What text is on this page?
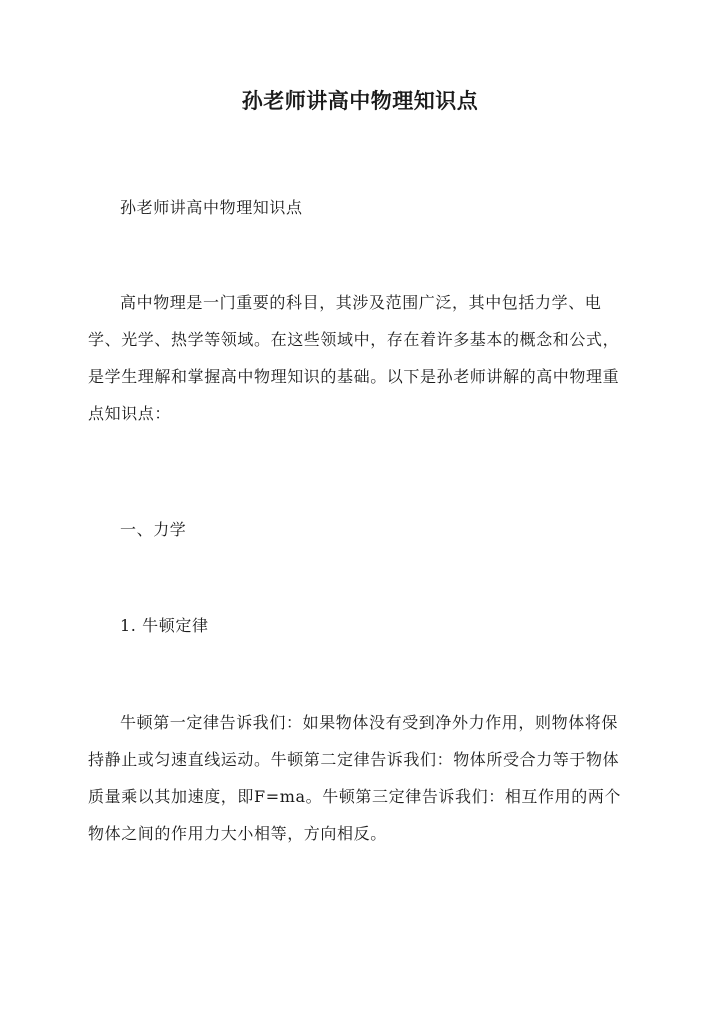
孙老师讲高中物理知识点
孙老师讲高中物理知识点

高中物理是一门重要的科目，其涉及范围广泛，其中包括力学、电学、光学、热学等领域。在这些领域中，存在着许多基本的概念和公式，是学生理解和掌握高中物理知识的基础。以下是孙老师讲解的高中物理重点知识点：

一、力学
1. 牛顿定律

牛顿第一定律告诉我们：如果物体没有受到净外力作用，则物体将保持静止或匀速直线运动。牛顿第二定律告诉我们：物体所受合力等于物体质量乘以其加速度，即F=ma。牛顿第三定律告诉我们：相互作用的两个物体之间的作用力大小相等，方向相反。
